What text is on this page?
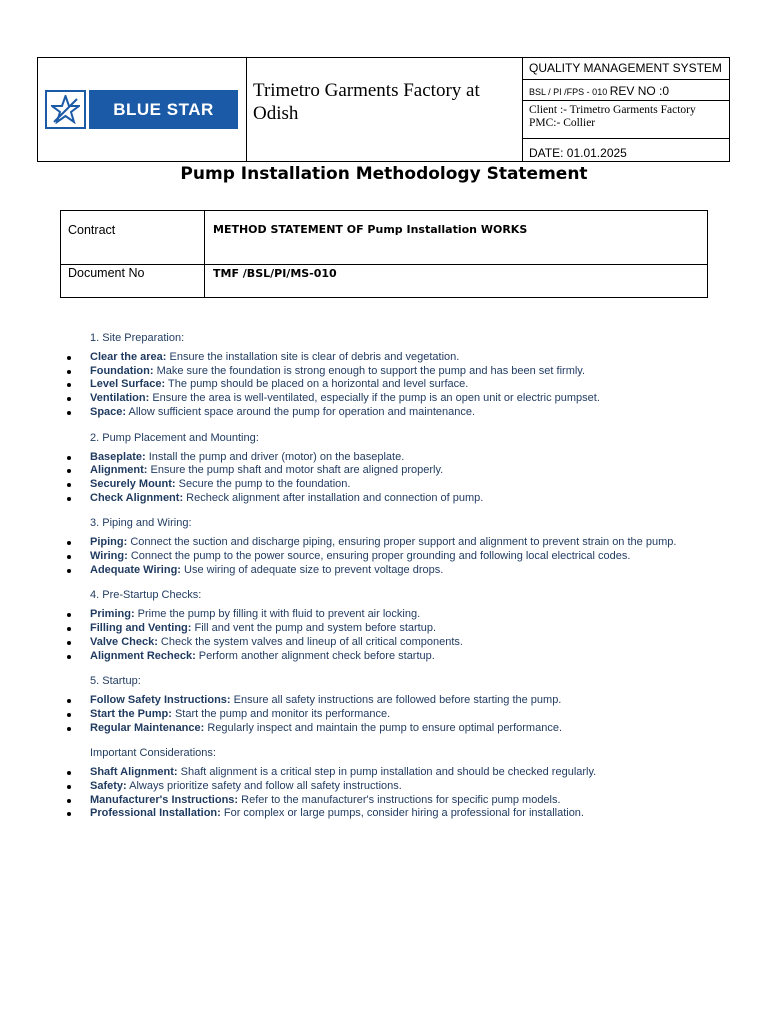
BLUE STAR
Trimetro Garments Factory at Odish
QUALITY MANAGEMENT SYSTEM
BSL / PI /FPS - 010 REV NO :0
Client :- Trimetro Garments Factory
PMC:- Collier
DATE: 01.01.2025
Pump Installation Methodology Statement
Contract	METHOD STATEMENT OF Pump Installation WORKS
Document No	TMF /BSL/PI/MS-010
1. Site Preparation:
Clear the area: Ensure the installation site is clear of debris and vegetation.
Foundation: Make sure the foundation is strong enough to support the pump and has been set firmly.
Level Surface: The pump should be placed on a horizontal and level surface.
Ventilation: Ensure the area is well-ventilated, especially if the pump is an open unit or electric pumpset.
Space: Allow sufficient space around the pump for operation and maintenance.
2. Pump Placement and Mounting:
Baseplate: Install the pump and driver (motor) on the baseplate.
Alignment: Ensure the pump shaft and motor shaft are aligned properly.
Securely Mount: Secure the pump to the foundation.
Check Alignment: Recheck alignment after installation and connection of pump.
3. Piping and Wiring:
Piping: Connect the suction and discharge piping, ensuring proper support and alignment to prevent strain on the pump.
Wiring: Connect the pump to the power source, ensuring proper grounding and following local electrical codes.
Adequate Wiring: Use wiring of adequate size to prevent voltage drops.
4. Pre-Startup Checks:
Priming: Prime the pump by filling it with fluid to prevent air locking.
Filling and Venting: Fill and vent the pump and system before startup.
Valve Check: Check the system valves and lineup of all critical components.
Alignment Recheck: Perform another alignment check before startup.
5. Startup:
Follow Safety Instructions: Ensure all safety instructions are followed before starting the pump.
Start the Pump: Start the pump and monitor its performance.
Regular Maintenance: Regularly inspect and maintain the pump to ensure optimal performance.
Important Considerations:
Shaft Alignment: Shaft alignment is a critical step in pump installation and should be checked regularly.
Safety: Always prioritize safety and follow all safety instructions.
Manufacturer's Instructions: Refer to the manufacturer's instructions for specific pump models.
Professional Installation: For complex or large pumps, consider hiring a professional for installation.
